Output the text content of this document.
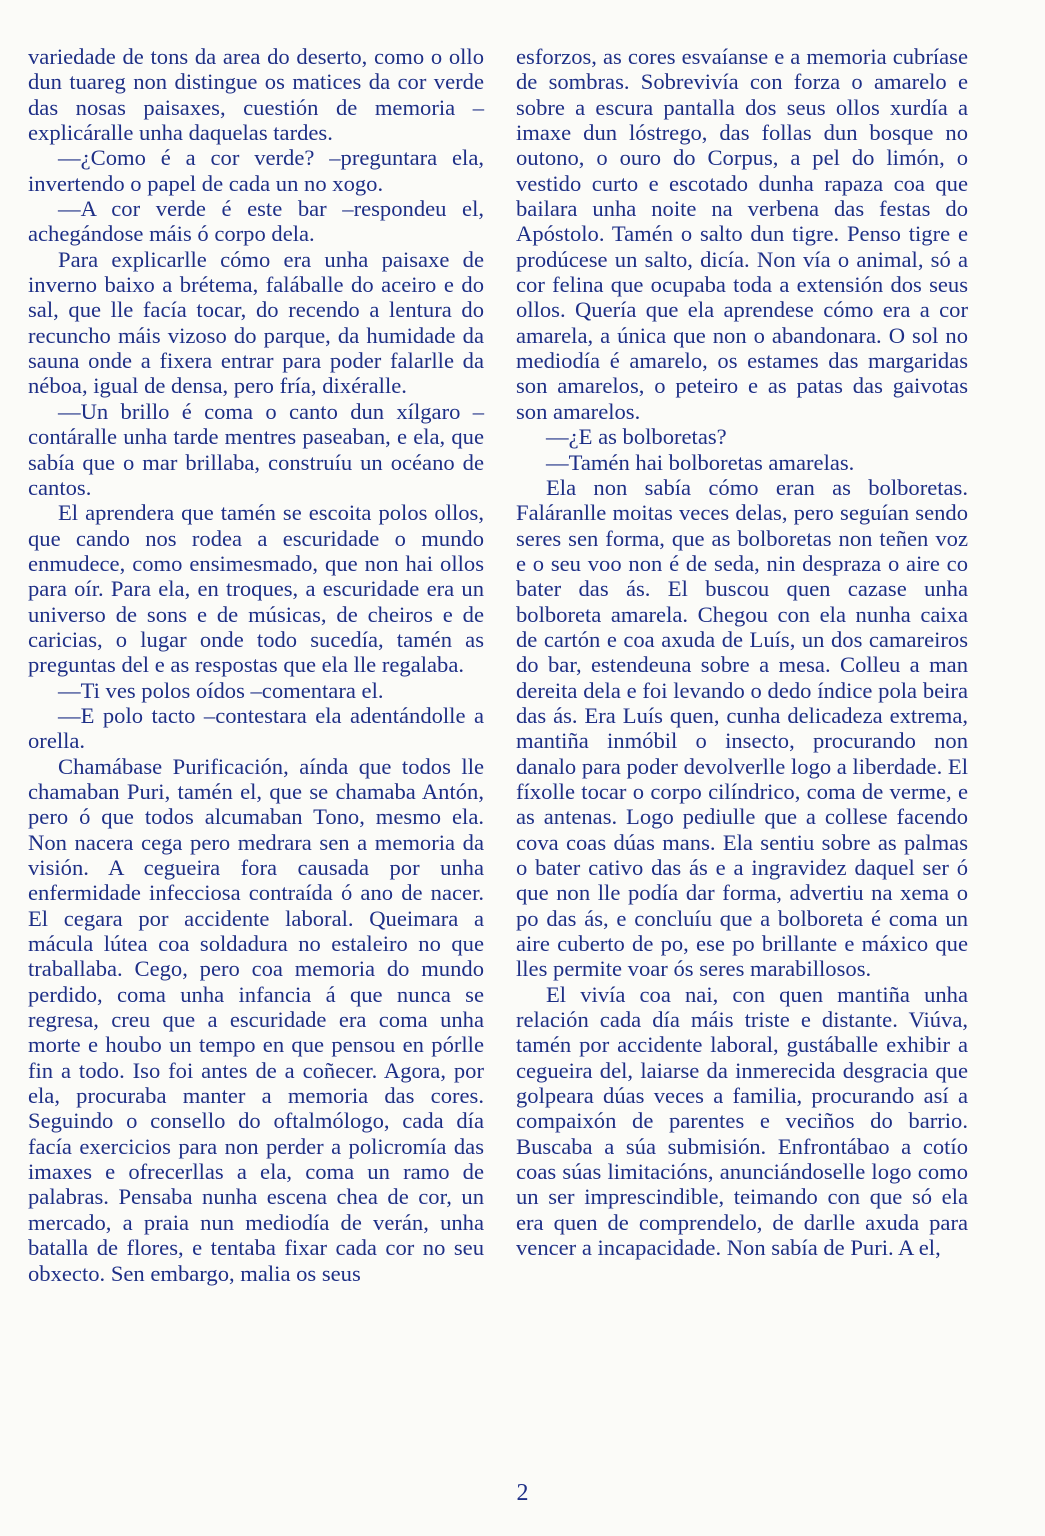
variedade de tons da area do deserto, como o ollo dun tuareg non distingue os matices da cor verde das nosas paisaxes, cuestión de memoria –explicáralle unha daquelas tardes.

—¿Como é a cor verde? –preguntara ela, invertendo o papel de cada un no xogo.

—A cor verde é este bar –respondeu el, achegándose máis ó corpo dela.

Para explicarlle cómo era unha paisaxe de inverno baixo a brétema, faláballe do aceiro e do sal, que lle facía tocar, do recendo a lentura do recuncho máis vizoso do parque, da humidade da sauna onde a fixera entrar para poder falarlle da néboa, igual de densa, pero fría, dixéralle.

—Un brillo é coma o canto dun xílgaro –contáralle unha tarde mentres paseaban, e ela, que sabía que o mar brillaba, construíu un océano de cantos.

El aprendera que tamén se escoita polos ollos, que cando nos rodea a escuridade o mundo enmudece, como ensimesmado, que non hai ollos para oír. Para ela, en troques, a escuridade era un universo de sons e de músicas, de cheiros e de caricias, o lugar onde todo sucedía, tamén as preguntas del e as respostas que ela lle regalaba.

—Ti ves polos oídos –comentara el.

—E polo tacto –contestara ela adentándolle a orella.

Chamábase Purificación, aínda que todos lle chamaban Puri, tamén el, que se chamaba Antón, pero ó que todos alcumaban Tono, mesmo ela. Non nacera cega pero medrara sen a memoria da visión. A cegueira fora causada por unha enfermidade infecciosa contraída ó ano de nacer. El cegara por accidente laboral. Queimara a mácula lútea coa soldadura no estaleiro no que traballaba. Cego, pero coa memoria do mundo perdido, coma unha infancia á que nunca se regresa, creu que a escuridade era coma unha morte e houbo un tempo en que pensou en pórlle fin a todo. Iso foi antes de a coñecer. Agora, por ela, procuraba manter a memoria das cores. Seguindo o consello do oftalmólogo, cada día facía exercicios para non perder a policromía das imaxes e ofrecerllas a ela, coma un ramo de palabras. Pensaba nunha escena chea de cor, un mercado, a praia nun mediodía de verán, unha batalla de flores, e tentaba fixar cada cor no seu obxecto. Sen embargo, malia os seus

esforzos, as cores esvaíanse e a memoria cubríase de sombras. Sobrevivía con forza o amarelo e sobre a escura pantalla dos seus ollos xurdía a imaxe dun lóstrego, das follas dun bosque no outono, o ouro do Corpus, a pel do limón, o vestido curto e escotado dunha rapaza coa que bailara unha noite na verbena das festas do Apóstolo. Tamén o salto dun tigre. Penso tigre e prodúcese un salto, dicía. Non vía o animal, só a cor felina que ocupaba toda a extensión dos seus ollos. Quería que ela aprendese cómo era a cor amarela, a única que non o abandonara. O sol no mediodía é amarelo, os estames das margaridas son amarelos, o peteiro e as patas das gaivotas son amarelos.

—¿E as bolboretas?

—Tamén hai bolboretas amarelas.

Ela non sabía cómo eran as bolboretas. Faláranlle moitas veces delas, pero seguían sendo seres sen forma, que as bolboretas non teñen voz e o seu voo non é de seda, nin despraza o aire co bater das ás. El buscou quen cazase unha bolboreta amarela. Chegou con ela nunha caixa de cartón e coa axuda de Luís, un dos camareiros do bar, estendeuna sobre a mesa. Colleu a man dereita dela e foi levando o dedo índice pola beira das ás. Era Luís quen, cunha delicadeza extrema, mantiña inmóbil o insecto, procurando non danalo para poder devolverlle logo a liberdade. El fíxolle tocar o corpo cilíndrico, coma de verme, e as antenas. Logo pediulle que a collese facendo cova coas dúas mans. Ela sentiu sobre as palmas o bater cativo das ás e a ingravidez daquel ser ó que non lle podía dar forma, advertiu na xema o po das ás, e concluíu que a bolboreta é coma un aire cuberto de po, ese po brillante e máxico que lles permite voar ós seres marabillosos.

El vivía coa nai, con quen mantiña unha relación cada día máis triste e distante. Viúva, tamén por accidente laboral, gustáballe exhibir a cegueira del, laiarse da inmerecida desgracia que golpeara dúas veces a familia, procurando así a compaixón de parentes e veciños do barrio. Buscaba a súa submisión. Enfrontábao a cotío coas súas limitacións, anunciándoselle logo como un ser imprescindible, teimando con que só ela era quen de comprendelo, de darlle axuda para vencer a incapacidade. Non sabía de Puri. A el,

2
